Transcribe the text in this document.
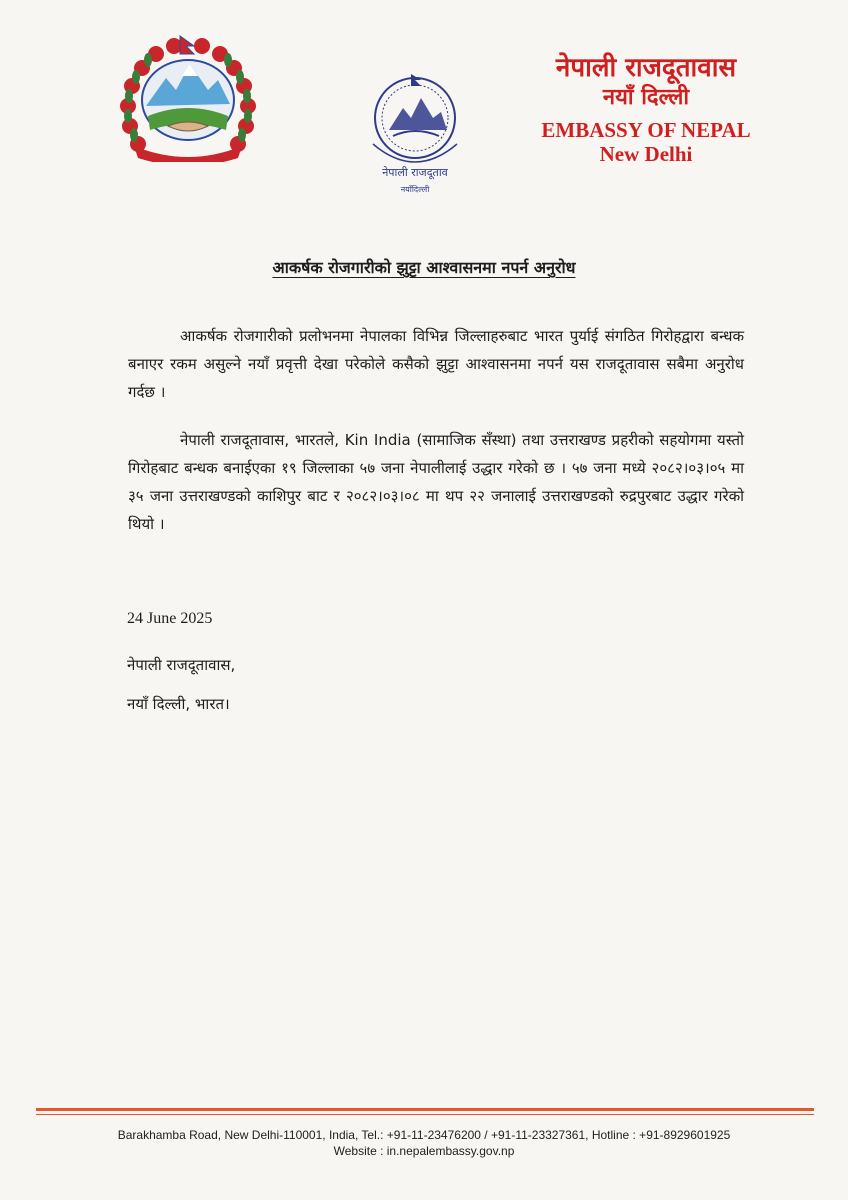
नेपाली राजदूताव
नयाँदिल्ली
नेपाली राजदूतावास
नयाँ दिल्ली
EMBASSY OF NEPAL
New Delhi
आकर्षक रोजगारीको झुट्टा आश्वासनमा नपर्न अनुरोध

आकर्षक रोजगारीको प्रलोभनमा नेपालका विभिन्न जिल्लाहरुबाट भारत पुर्याई संगठित गिरोहद्वारा बन्धक बनाएर रकम असुल्ने नयाँ प्रवृत्ती देखा परेकोले कसैको झुट्टा आश्वासनमा नपर्न यस राजदूतावास सबैमा अनुरोध गर्दछ ।

नेपाली राजदूतावास, भारतले, Kin India (सामाजिक सँस्था) तथा उत्तराखण्ड प्रहरीको सहयोगमा यस्तो गिरोहबाट बन्धक बनाईएका १९ जिल्लाका ५७ जना नेपालीलाई उद्धार गरेको छ । ५७ जना मध्ये २०८२।०३।०५ मा ३५ जना उत्तराखण्डको काशिपुर बाट र २०८२।०३।०८ मा थप २२ जनालाई उत्तराखण्डको रुद्रपुरबाट उद्धार गरेको थियो ।

24 June 2025
नेपाली राजदूतावास,
नयाँ दिल्ली, भारत।
Barakhamba Road, New Delhi-110001, India, Tel.: +91-11-23476200 / +91-11-23327361, Hotline : +91-8929601925
Website : in.nepalembassy.gov.np
